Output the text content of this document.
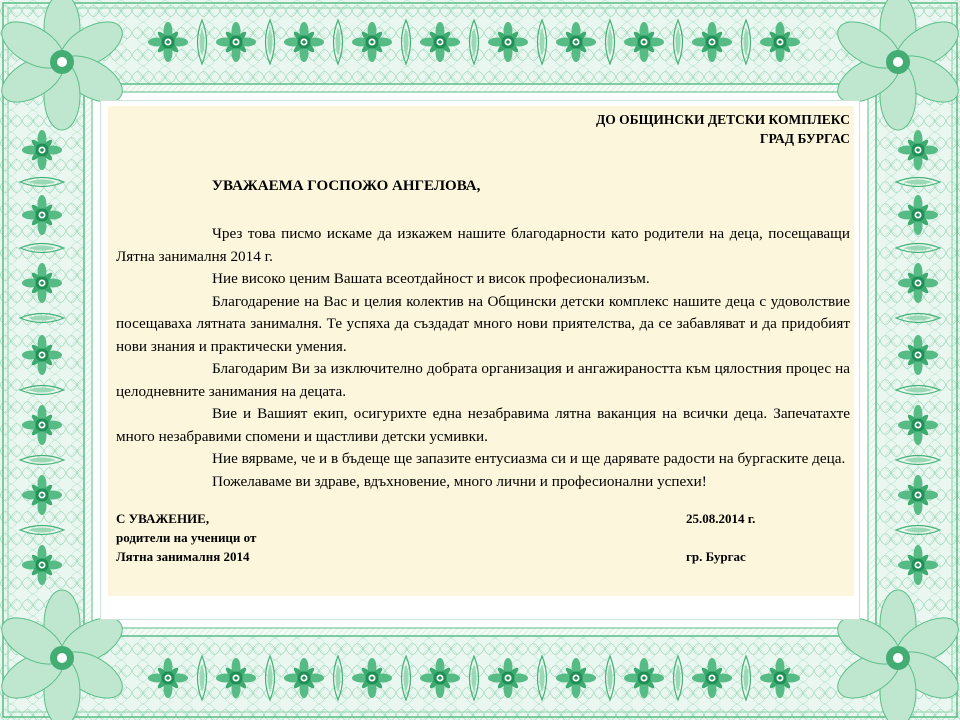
ДО ОБЩИНСКИ ДЕТСКИ КОМПЛЕКС
ГРАД БУРГАС
УВАЖАЕМА ГОСПОЖО АНГЕЛОВА,

Чрез това писмо искаме да изкажем нашите благодарности като родители на деца, посещаващи Лятна занималня 2014 г.

Ние високо ценим Вашата всеотдайност и висок професионализъм.

Благодарение на Вас и целия колектив на Общински детски комплекс нашите деца с удоволствие посещаваха лятната занималня. Те успяха да създадат много нови приятелства, да се забавляват и да придобият нови знания и практически умения.

Благодарим Ви за изключително добрата организация и ангажираността към цялостния процес на целодневните занимания на децата.

Вие и Вашият екип, осигурихте една незабравима лятна ваканция на всички деца. Запечатахте много незабравими спомени и щастливи детски усмивки.

Ние вярваме, че и в бъдеще ще запазите ентусиазма си и ще дарявате радости на бургаските деца.

Пожелаваме ви здраве, вдъхновение, много лични и професионални успехи!

С УВАЖЕНИЕ,
родители на ученици от
Лятна занималня 2014
25.08.2014 г.
гр. Бургас
